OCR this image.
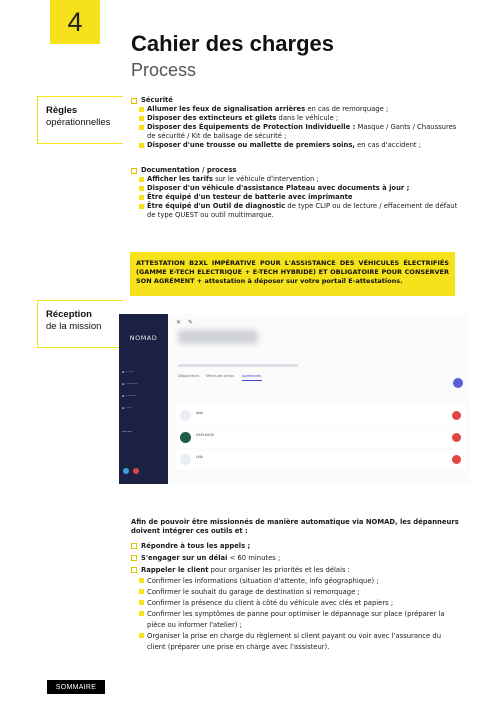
4
Cahier des charges
Process
Règles
opérationnelles
Sécurité
Allumer les feux de signalisation arrières en cas de remorquage ;
Disposer des extincteurs et gilets dans le véhicule ;
Disposer des Équipements de Protection Individuelle : Masque / Gants / Chaussures de sécurité / Kit de balisage de sécurité ;
Disposer d'une trousse ou mallette de premiers soins, en cas d'accident ;
Documentation / process
Afficher les tarifs sur le véhicule d'intervention ;
Disposer d'un véhicule d'assistance Plateau avec documents à jour ;
Être équipé d'un testeur de batterie avec imprimante
Être équipé d'un Outil de diagnostic de type CLIP ou de lecture / effacement de défaut de type QUEST ou outil multimarque.
ATTESTATION B2XL IMPÉRATIVE POUR L'ASSISTANCE DES VÉHICULES ÉLECTRIFIÉS (GAMME E-TECH ELECTRIQUE + E-TECH HYBRIDE) ET OBLIGATOIRE POUR CONSERVER SON AGRÉMENT + attestation à déposer sur votre portail E-attestations.
Réception
de la mission
NOMAD
▪ ────
▪ ──────
▪ ─────
▪ ───
── ──
✕ ✎
Dépanneurs Véhicules servis Agréments
ANA
HAPLAUGE
LMA
Afin de pouvoir être missionnés de manière automatique via NOMAD, les dépanneurs doivent intégrer ces outils et :
Répondre à tous les appels ;
S'engager sur un délai < 60 minutes ;
Rappeler le client pour organiser les priorités et les délais :
Confirmer les informations (situation d'attente, info géographique) ;
Confirmer le souhait du garage de destination si remorquage ;
Confirmer la présence du client à côté du véhicule avec clés et papiers ;
Confirmer les symptômes de panne pour optimiser le dépannage sur place (préparer la pièce ou informer l'atelier) ;
Organiser la prise en charge du règlement si client payant ou voir avec l'assurance du client (préparer une prise en charge avec l'assisteur).
SOMMAIRE
